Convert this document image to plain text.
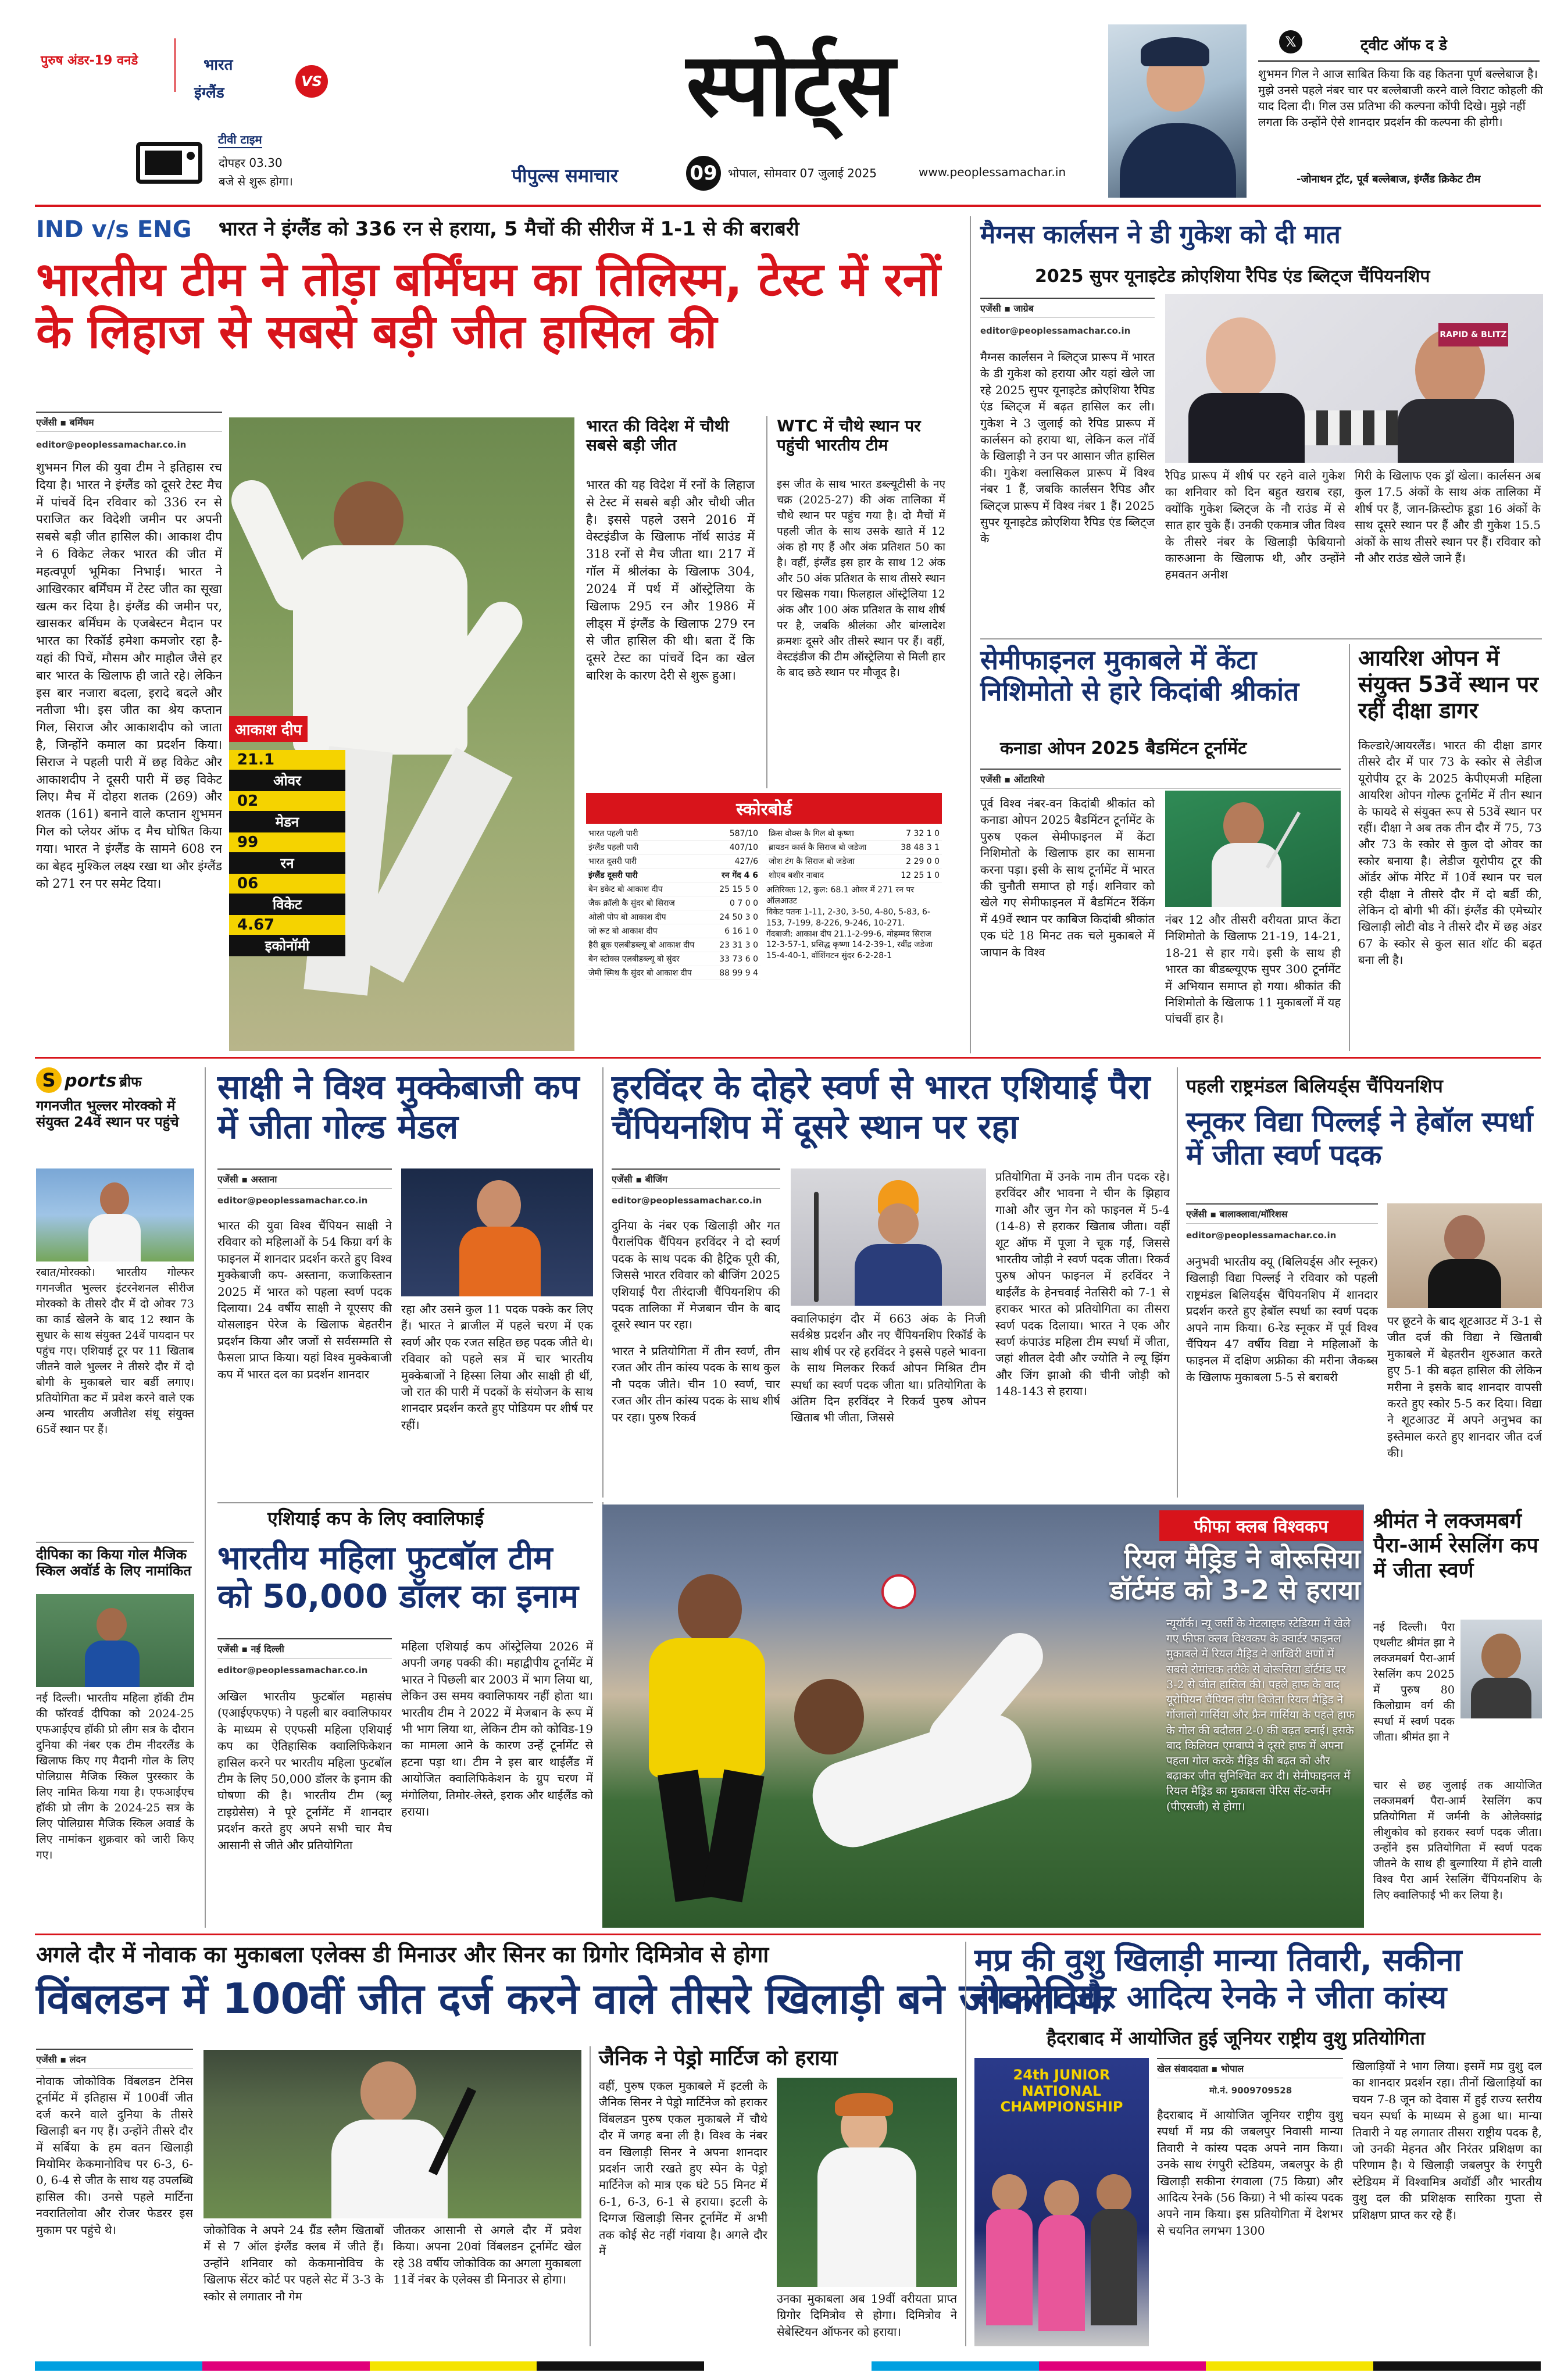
पुरुष अंडर-19 वनडे	भारत
इंग्लैंड
VS
टीवी टाइम
दोपहर 03.30
बजे से शुरू होगा।
स्पोर्ट्स
पीपुल्स समाचार	09 भोपाल, सोमवार 07 जुलाई 2025	www.peoplessamachar.in
𝕏	ट्वीट ऑफ द डे
शुभमन गिल ने आज साबित किया कि वह कितना पूर्ण बल्लेबाज है। मुझे उनसे पहले नंबर चार पर बल्लेबाजी करने वाले विराट कोहली की याद दिला दी। गिल उस प्रतिभा की कल्पना कोंपी दिखे। मुझे नहीं लगता कि उन्होंने ऐसे शानदार प्रदर्शन की कल्पना की होगी।
-जोनाथन ट्रॉट, पूर्व बल्लेबाज, इंग्लैंड क्रिकेट टीम
IND v/s ENG भारत ने इंग्लैंड को 336 रन से हराया, 5 मैचों की सीरीज में 1-1 से की बराबरी
भारतीय टीम ने तोड़ा बर्मिंघम का तिलिस्म, टेस्ट में रनों के लिहाज से सबसे बड़ी जीत हासिल की
एजेंसी ▪ बर्मिंघम
editor@peoplessamachar.co.in
शुभमन गिल की युवा टीम ने इतिहास रच दिया है। भारत ने इंग्लैंड को दूसरे टेस्ट मैच में पांचवें दिन रविवार को 336 रन से पराजित कर विदेशी जमीन पर अपनी सबसे बड़ी जीत हासिल की। आकाश दीप ने 6 विकेट लेकर भारत की जीत में महत्वपूर्ण भूमिका निभाई। भारत ने आखिरकार बर्मिंघम में टेस्ट जीत का सूखा खत्म कर दिया है। इंग्लैंड की जमीन पर, खासकर बर्मिंघम के एजबेस्टन मैदान पर भारत का रिकॉर्ड हमेशा कमजोर रहा है-यहां की पिचें, मौसम और माहौल जैसे हर बार भारत के खिलाफ ही जाते रहे। लेकिन इस बार नजारा बदला, इरादे बदले और नतीजा भी। इस जीत का श्रेय कप्तान गिल, सिराज और आकाशदीप को जाता है, जिन्होंने कमाल का प्रदर्शन किया। सिराज ने पहली पारी में छह विकेट और आकाशदीप ने दूसरी पारी में छह विकेट लिए। मैच में दोहरा शतक (269) और शतक (161) बनाने वाले कप्तान शुभमन गिल को प्लेयर ऑफ द मैच घोषित किया गया। भारत ने इंग्लैंड के सामने 608 रन का बेहद मुश्किल लक्ष्य रखा था और इंग्लैंड को 271 रन पर समेट दिया।
आकाश दीप
21.1
ओवर
02
मेडन
99
रन
06
विकेट
4.67
इकोनॉमी
भारत की विदेश में चौथी सबसे बड़ी जीत
भारत की यह विदेश में रनों के लिहाज से टेस्ट में सबसे बड़ी और चौथी जीत है। इससे पहले उसने 2016 में वेस्टइंडीज के खिलाफ नॉर्थ साउंड में 318 रनों से मैच जीता था। 217 में गॉल में श्रीलंका के खिलाफ 304, 2024 में पर्थ में ऑस्ट्रेलिया के खिलाफ 295 रन और 1986 में लीड्स में इंग्लैंड के खिलाफ 279 रन से जीत हासिल की थी। बता दें कि दूसरे टेस्ट का पांचवें दिन का खेल बारिश के कारण देरी से शुरू हुआ।
WTC में चौथे स्थान पर पहुंची भारतीय टीम
इस जीत के साथ भारत डब्ल्यूटीसी के नए चक्र (2025-27) की अंक तालिका में चौथे स्थान पर पहुंच गया है। दो मैचों में पहली जीत के साथ उसके खाते में 12 अंक हो गए हैं और अंक प्रतिशत 50 का है। वहीं, इंग्लैंड इस हार के साथ 12 अंक और 50 अंक प्रतिशत के साथ तीसरे स्थान पर खिसक गया। फिलहाल ऑस्ट्रेलिया 12 अंक और 100 अंक प्रतिशत के साथ शीर्ष पर है, जबकि श्रीलंका और बांग्लादेश क्रमशः दूसरे और तीसरे स्थान पर हैं। वहीं, वेस्टइंडीज की टीम ऑस्ट्रेलिया से मिली हार के बाद छठे स्थान पर मौजूद है।
स्कोरबोर्ड
भारत पहली पारी	587/10
इंग्लैंड पहली पारी	407/10
भारत दूसरी पारी	427/6
इंग्लैंड दूसरी पारी	रन गेंद 4 6
बेन डकेट बो आकाश दीप	25 15 5 0
जैक क्रॉली कै सुंदर बो सिराज	0 7 0 0
ओली पोप बो आकाश दीप	24 50 3 0
जो रूट बो आकाश दीप	6 16 1 0
हैरी ब्रूक एलबीडब्ल्यू बो आकाश दीप	23 31 3 0
बेन स्टोक्स एलबीडब्ल्यू बो सुंदर	33 73 6 0
जेमी स्मिथ कै सुंदर बो आकाश दीप	88 99 9 4
क्रिस वोक्स कै गिल बो कृष्णा	7 32 1 0
ब्रायडन कार्स कै सिराज बो जडेजा	38 48 3 1
जोश टंग कै सिराज बो जडेजा	2 29 0 0
शोएब बशीर नाबाद	12 25 1 0
अतिरिक्तः 12, कुल: 68.1 ओवर में 271 रन पर ऑलआउट
विकेट पतनः 1-11, 2-30, 3-50, 4-80, 5-83, 6-153, 7-199, 8-226, 9-246, 10-271.
गेंदबाजी: आकाश दीप 21.1-2-99-6, मोहम्मद सिराज 12-3-57-1, प्रसिद्ध कृष्णा 14-2-39-1, रवींद्र जडेजा 15-4-40-1, वॉशिंगटन सुंदर 6-2-28-1
मैग्नस कार्लसन ने डी गुकेश को दी मात
2025 सुपर यूनाइटेड क्रोएशिया रैपिड एंड ब्लिट्ज चैंपियनशिप
एजेंसी ▪ जाग्रेब
editor@peoplessamachar.co.in
मैग्नस कार्लसन ने ब्लिट्ज प्रारूप में भारत के डी गुकेश को हराया और यहां खेले जा रहे 2025 सुपर यूनाइटेड क्रोएशिया रैपिड एंड ब्लिट्ज में बढ़त हासिल कर ली। गुकेश ने 3 जुलाई को रैपिड प्रारूप में कार्लसन को हराया था, लेकिन कल नॉर्वे के खिलाड़ी ने उन पर आसान जीत हासिल की। गुकेश क्लासिकल प्रारूप में विश्व नंबर 1 हैं, जबकि कार्लसन रैपिड और ब्लिट्ज प्रारूप में विश्व नंबर 1 हैं। 2025 सुपर यूनाइटेड क्रोएशिया रैपिड एंड ब्लिट्ज के
RAPID & BLITZ
रैपिड प्रारूप में शीर्ष पर रहने वाले गुकेश का शनिवार को दिन बहुत खराब रहा, क्योंकि गुकेश ब्लिट्ज के नौ राउंड में से सात हार चुके हैं। उनकी एकमात्र जीत विश्व के तीसरे नंबर के खिलाड़ी फेबियानो कारुआना के खिलाफ थी, और उन्होंने हमवतन अनीश
गिरी के खिलाफ एक ड्रॉ खेला। कार्लसन अब कुल 17.5 अंकों के साथ अंक तालिका में शीर्ष पर हैं, जान-क्रिस्टोफ डूडा 16 अंकों के साथ दूसरे स्थान पर हैं और डी गुकेश 15.5 अंकों के साथ तीसरे स्थान पर हैं। रविवार को नौ और राउंड खेले जाने हैं।
सेमीफाइनल मुकाबले में केंटा निशिमोतो से हारे किदांबी श्रीकांत
कनाडा ओपन 2025 बैडमिंटन टूर्नामेंट
एजेंसी ▪ ओंटारियो
पूर्व विश्व नंबर-वन किदांबी श्रीकांत को कनाडा ओपन 2025 बैडमिंटन टूर्नामेंट के पुरुष एकल सेमीफाइनल में केंटा निशिमोतो के खिलाफ हार का सामना करना पड़ा। इसी के साथ टूर्नामेंट में भारत की चुनौती समाप्त हो गई। शनिवार को खेले गए सेमीफाइनल में बैडमिंटन रैंकिंग में 49वें स्थान पर काबिज किदांबी श्रीकांत एक घंटे 18 मिनट तक चले मुकाबले में जापान के विश्व
नंबर 12 और तीसरी वरीयता प्राप्त केंटा निशिमोतो के खिलाफ 21-19, 14-21, 18-21 से हार गये। इसी के साथ ही भारत का बीडब्ल्यूएफ सुपर 300 टूर्नामेंट में अभियान समाप्त हो गया। श्रीकांत की निशिमोतो के खिलाफ 11 मुकाबलों में यह पांचवीं हार है।
आयरिश ओपन में संयुक्त 53वें स्थान पर रहीं दीक्षा डागर
किल्डारे/आयरलैंड। भारत की दीक्षा डागर तीसरे दौर में पार 73 के स्कोर से लेडीज यूरोपीय टूर के 2025 केपीएमजी महिला आयरिश ओपन गोल्फ टूर्नामेंट में तीन स्थान के फायदे से संयुक्त रूप से 53वें स्थान पर रहीं। दीक्षा ने अब तक तीन दौर में 75, 73 और 73 के स्कोर से कुल दो ओवर का स्कोर बनाया है। लेडीज यूरोपीय टूर की ऑर्डर ऑफ मेरिट में 10वें स्थान पर चल रही दीक्षा ने तीसरे दौर में दो बर्डी की, लेकिन दो बोगी भी कीं। इंग्लैंड की एमेच्योर खिलाड़ी लोटी वोड ने तीसरे दौर में छह अंडर 67 के स्कोर से कुल सात शॉट की बढ़त बना ली है।
S ports ब्रीफ
गगनजीत भुल्लर मोरक्को में संयुक्त 24वें स्थान पर पहुंचे
रबात/मोरक्को। भारतीय गोल्फर गगनजीत भुल्लर इंटरनेशनल सीरीज मोरक्को के तीसरे दौर में दो ओवर 73 का कार्ड खेलने के बाद 12 स्थान के सुधार के साथ संयुक्त 24वें पायदान पर पहुंच गए। एशियाई टूर पर 11 खिताब जीतने वाले भुल्लर ने तीसरे दौर में दो बोगी के मुकाबले चार बर्डी लगाए। प्रतियोगिता कट में प्रवेश करने वाले एक अन्य भारतीय अजीतेश संधू संयुक्त 65वें स्थान पर हैं।
दीपिका का किया गोल मैजिक स्किल अवॉर्ड के लिए नामांकित
नई दिल्ली। भारतीय महिला हॉकी टीम की फॉरवर्ड दीपिका को 2024-25 एफआईएच हॉकी प्रो लीग सत्र के दौरान दुनिया की नंबर एक टीम नीदरलैंड के खिलाफ किए गए मैदानी गोल के लिए पोलिग्रास मैजिक स्किल पुरस्कार के लिए नामित किया गया है। एफआईएच हॉकी प्रो लीग के 2024-25 सत्र के लिए पोलिग्रास मैजिक स्किल अवार्ड के लिए नामांकन शुक्रवार को जारी किए गए।
साक्षी ने विश्व मुक्केबाजी कप में जीता गोल्ड मेडल
एजेंसी ▪ अस्ताना
editor@peoplessamachar.co.in
भारत की युवा विश्व चैंपियन साक्षी ने रविवार को महिलाओं के 54 किग्रा वर्ग के फाइनल में शानदार प्रदर्शन करते हुए विश्व मुक्केबाजी कप- अस्ताना, कजाकिस्तान 2025 में भारत को पहला स्वर्ण पदक दिलाया। 24 वर्षीय साक्षी ने यूएसए की योसलाइन पेरेज के खिलाफ बेहतरीन प्रदर्शन किया और जजों से सर्वसम्मति से फैसला प्राप्त किया। यहां विश्व मुक्केबाजी कप में भारत दल का प्रदर्शन शानदार
रहा और उसने कुल 11 पदक पक्के कर लिए हैं। भारत ने ब्राजील में पहले चरण में एक स्वर्ण और एक रजत सहित छह पदक जीते थे। रविवार को पहले सत्र में चार भारतीय मुक्केबाजों ने हिस्सा लिया और साक्षी ही थीं, जो रात की पारी में पदकों के संयोजन के साथ शानदार प्रदर्शन करते हुए पोडियम पर शीर्ष पर रहीं।
हरविंदर के दोहरे स्वर्ण से भारत एशियाई पैरा चैंपियनशिप में दूसरे स्थान पर रहा
एजेंसी ▪ बीजिंग
editor@peoplessamachar.co.in
दुनिया के नंबर एक खिलाड़ी और गत पैरालंपिक चैंपियन हरविंदर ने दो स्वर्ण पदक के साथ पदक की हैट्रिक पूरी की, जिससे भारत रविवार को बीजिंग 2025 एशियाई पैरा तीरंदाजी चैंपियनशिप की पदक तालिका में मेजबान चीन के बाद दूसरे स्थान पर रहा।	क्वालिफाइंग दौर में 663 अंक के निजी सर्वश्रेष्ठ प्रदर्शन और नए चैंपियनशिप रिकॉर्ड के साथ शीर्ष पर रहे हरविंदर ने इससे पहले भावना के साथ मिलकर रिकर्व ओपन मिश्रित टीम स्पर्धा का स्वर्ण पदक जीता था। प्रतियोगिता के अंतिम दिन हरविंदर ने रिकर्व पुरुष ओपन खिताब भी जीता, जिससे
भारत ने प्रतियोगिता में तीन स्वर्ण, तीन रजत और तीन कांस्य पदक के साथ कुल नौ पदक जीते। चीन 10 स्वर्ण, चार रजत और तीन कांस्य पदक के साथ शीर्ष पर रहा। पुरुष रिकर्व
प्रतियोगिता में उनके नाम तीन पदक रहे। हरविंदर और भावना ने चीन के झिहाव गाओ और जुन गेन को फाइनल में 5-4 (14-8) से हराकर खिताब जीता। वहीं शूट ऑफ में पूजा ने चूक गईं, जिससे भारतीय जोड़ी ने स्वर्ण पदक जीता। रिकर्व पुरुष ओपन फाइनल में हरविंदर ने थाईलैंड के हेनचवाई नेतसिरी को 7-1 से हराकर भारत को प्रतियोगिता का तीसरा स्वर्ण पदक दिलाया। भारत ने एक और स्वर्ण कंपाउंड महिला टीम स्पर्धा में जीता, जहां शीतल देवी और ज्योति ने ल्यू झिंग और जिंग झाओ की चीनी जोड़ी को 148-143 से हराया।
पहली राष्ट्रमंडल बिलियर्ड्स चैंपियनशिप
स्नूकर विद्या पिल्लई ने हेबॉल स्पर्धा में जीता स्वर्ण पदक
एजेंसी ▪ बालाक्लावा/मॉरिशस
editor@peoplessamachar.co.in
अनुभवी भारतीय क्यू (बिलियर्ड्स और स्नूकर) खिलाड़ी विद्या पिल्लई ने रविवार को पहली राष्ट्रमंडल बिलियर्ड्स चैंपियनशिप में शानदार प्रदर्शन करते हुए हेबॉल स्पर्धा का स्वर्ण पदक अपने नाम किया। 6-रेड स्नूकर में पूर्व विश्व चैंपियन 47 वर्षीय विद्या ने महिलाओं के फाइनल में दक्षिण अफ्रीका की मरीना जैकब्स के खिलाफ मुकाबला 5-5 से बराबरी
पर छूटने के बाद शूटआउट में 3-1 से जीत दर्ज की विद्या ने खिताबी मुकाबले में बेहतरीन शुरुआत करते हुए 5-1 की बढ़त हासिल की लेकिन मरीना ने इसके बाद शानदार वापसी करते हुए स्कोर 5-5 कर दिया। विद्या ने शूटआउट में अपने अनुभव का इस्तेमाल करते हुए शानदार जीत दर्ज की।
एशियाई कप के लिए क्वालिफाई
भारतीय महिला फुटबॉल टीम को 50,000 डॉलर का इनाम
एजेंसी ▪ नई दिल्ली
editor@peoplessamachar.co.in
अखिल भारतीय फुटबॉल महासंघ (एआईएफएफ) ने पहली बार क्वालिफायर के माध्यम से एएफसी महिला एशियाई कप का ऐतिहासिक क्वालिफिकेशन हासिल करने पर भारतीय महिला फुटबॉल टीम के लिए 50,000 डॉलर के इनाम की घोषणा की है। भारतीय टीम (ब्लू टाइग्रेसेस) ने पूरे टूर्नामेंट में शानदार प्रदर्शन करते हुए अपने सभी चार मैच आसानी से जीते और प्रतियोगिता
महिला एशियाई कप ऑस्ट्रेलिया 2026 में अपनी जगह पक्की की। महाद्वीपीय टूर्नामेंट में भारत ने पिछली बार 2003 में भाग लिया था, लेकिन उस समय क्वालिफायर नहीं होता था। भारतीय टीम ने 2022 में मेजबान के रूप में भी भाग लिया था, लेकिन टीम को कोविड-19 का मामला आने के कारण उन्हें टूर्नामेंट से हटना पड़ा था। टीम ने इस बार थाईलैंड में आयोजित क्वालिफिकेशन के ग्रुप चरण में मंगोलिया, तिमोर-लेस्ते, इराक और थाईलैंड को हराया।
फीफा क्लब विश्वकप
रियल मैड्रिड ने बोरूसिया डॉर्टमंड को 3-2 से हराया
न्यूयॉर्क। न्यू जर्सी के मेटलाइफ स्टेडियम में खेले गए फीफा क्लब विश्वकप के क्वार्टर फाइनल मुकाबले में रियल मैड्रिड ने आखिरी क्षणों में सबसे रोमांचक तरीके से बोरूसिया डॉर्टमंड पर 3-2 से जीत हासिल की। पहले हाफ के बाद यूरोपियन चैंपियन लीग विजेता रियल मैड्रिड ने गोंजालो गार्सिया और फ्रैन गार्सिया के पहले हाफ के गोल की बदौलत 2-0 की बढ़त बनाई। इसके बाद किलियन एमबाप्पे ने दूसरे हाफ में अपना पहला गोल करके मैड्रिड की बढ़त को और बढ़ाकर जीत सुनिश्चित कर दी। सेमीफाइनल में रियल मैड्रिड का मुकाबला पेरिस सेंट-जर्मेन (पीएसजी) से होगा।
श्रीमंत ने लक्जमबर्ग पैरा-आर्म रेसलिंग कप में जीता स्वर्ण
नई दिल्ली। पैरा एथलीट श्रीमंत झा ने लक्जमबर्ग पैरा-आर्म रेसलिंग कप 2025 में पुरुष 80 किलोग्राम वर्ग की स्पर्धा में स्वर्ण पदक जीता। श्रीमंत झा ने
चार से छह जुलाई तक आयोजित लक्जमबर्ग पैरा-आर्म रेसलिंग कप प्रतियोगिता में जर्मनी के ओलेक्सांद्र लीशुकोव को हराकर स्वर्ण पदक जीता। उन्होंने इस प्रतियोगिता में स्वर्ण पदक जीतने के साथ ही बुल्गारिया में होने वाली विश्व पैरा आर्म रेसलिंग चैंपियनशिप के लिए क्वालिफाई भी कर लिया है।
अगले दौर में नोवाक का मुकाबला एलेक्स डी मिनाउर और सिनर का ग्रिगोर दिमित्रोव से होगा
विंबलडन में 100वीं जीत दर्ज करने वाले तीसरे खिलाड़ी बने जोकोविक
एजेंसी ▪ लंदन
नोवाक जोकोविक विंबलडन टेनिस टूर्नामेंट में इतिहास में 100वीं जीत दर्ज करने वाले दुनिया के तीसरे खिलाड़ी बन गए हैं। उन्होंने तीसरे दौर में सर्बिया के हम वतन खिलाड़ी मियोमिर केकमानोविच पर 6-3, 6-0, 6-4 से जीत के साथ यह उपलब्धि हासिल की। उनसे पहले मार्टिना नवरातिलोवा और रोजर फेडरर इस मुकाम पर पहुंचे थे।	जोकोविक ने अपने 24 ग्रैंड स्लैम खिताबों में से 7 ऑल इंग्लैंड क्लब में जीते हैं। उन्होंने शनिवार को केकमानोविच के खिलाफ सेंटर कोर्ट पर पहले सेट में 3-3 के स्कोर से लगातार नौ गेम
जीतकर आसानी से अगले दौर में प्रवेश किया। अपना 20वां विंबलडन टूर्नामेंट खेल रहे 38 वर्षीय जोकोविक का अगला मुकाबला 11वें नंबर के एलेक्स डी मिनाउर से होगा।
जैनिक ने पेड्रो मार्टिज को हराया
वहीं, पुरुष एकल मुकाबले में इटली के जैनिक सिनर ने पेड्रो मार्टिनेज को हराकर विंबलडन पुरुष एकल मुकाबले में चौथे दौर में जगह बना ली है। विश्व के नंबर वन खिलाड़ी सिनर ने अपना शानदार प्रदर्शन जारी रखते हुए स्पेन के पेड्रो मार्टिनेज को मात्र एक घंटे 55 मिनट में 6-1, 6-3, 6-1 से हराया। इटली के दिग्गज खिलाड़ी सिनर टूर्नामेंट में अभी तक कोई सेट नहीं गंवाया है। अगले दौर में
उनका मुकाबला अब 19वीं वरीयता प्राप्त ग्रिगोर दिमित्रोव से होगा। दिमित्रोव ने सेबेस्टियन ऑफनर को हराया।
मप्र की वुशु खिलाड़ी मान्या तिवारी, सकीना रंगवाला और आदित्य रेनके ने जीता कांस्य
हैदराबाद में आयोजित हुई जूनियर राष्ट्रीय वुशु प्रतियोगिता
24th JUNIOR NATIONAL CHAMPIONSHIP
खेल संवाददाता ▪ भोपाल
मो.नं. 9009709528
हैदराबाद में आयोजित जूनियर राष्ट्रीय वुशु स्पर्धा में मप्र की जबलपुर निवासी मान्या तिवारी ने कांस्य पदक अपने नाम किया। उनके साथ रंगपुरी स्टेडियम, जबलपुर के ही खिलाड़ी सकीना रंगवाला (75 किग्रा) और आदित्य रेनके (56 किग्रा) ने भी कांस्य पदक अपने नाम किया। इस प्रतियोगिता में देशभर से चयनित लगभग 1300
खिलाड़ियों ने भाग लिया। इसमें मप्र वुशु दल का शानदार प्रदर्शन रहा। तीनों खिलाड़ियों का चयन 7-8 जून को देवास में हुई राज्य स्तरीय चयन स्पर्धा के माध्यम से हुआ था। मान्या तिवारी ने यह लगातार तीसरा राष्ट्रीय पदक है, जो उनकी मेहनत और निरंतर प्रशिक्षण का परिणाम है। ये खिलाड़ी जबलपुर के रंगपुरी स्टेडियम में विश्वामित्र अवॉर्डी और भारतीय वुशु दल की प्रशिक्षक सारिका गुप्ता से प्रशिक्षण प्राप्त कर रहे हैं।
